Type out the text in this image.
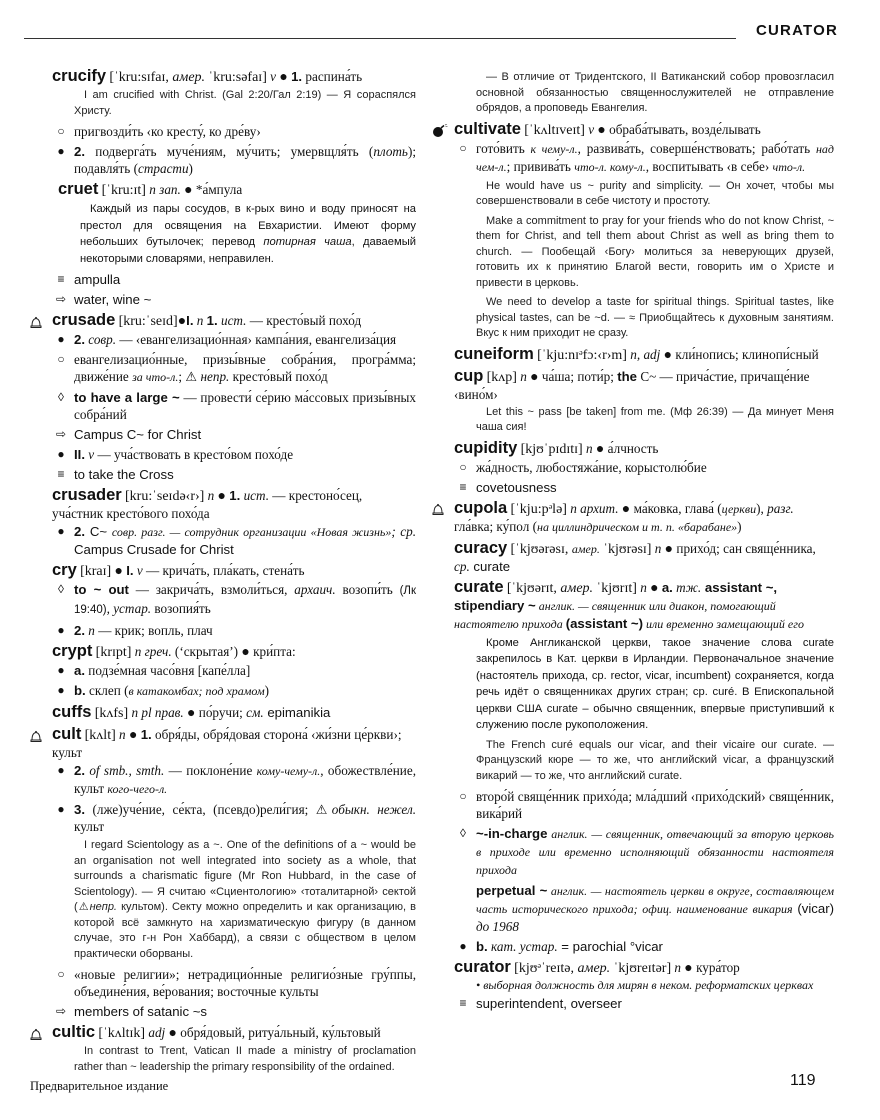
CURATOR
crucify [ˈkru:sɪfaɪ, амер. ˈkru:səfaɪ] v ● 1. распина́ть
I am crucified with Christ. (Gal 2:20/Гал 2:19) — Я сораспялся Христу.
○ пригвозди́ть ‹ко кресту́, ко дре́ву›
● 2. подверга́ть муче́ниям, му́чить; умервщля́ть (плоть); подавля́ть (страсти)
cruet [ˈkru:ɪt] n зап. ● *а́мпула
Каждый из пары сосудов, в к-рых вино и воду приносят на престол для освящения на Евхаристии. Имеют форму небольших бутылочек; перевод потирная чаша, даваемый некоторыми словарями, неправилен.
≡ ampulla
⇨ water, wine ~
crusade [kru:ˈseɪd]●I. n 1. ист. — кресто́вый похо́д
● 2. совр. — ‹евангелизацио́нная› кампа́ния, евангелиза́ция
○ евангелизацио́нные, призы́вные собра́ния, програ́мма; движе́ние за что-л.; ⚠ непр. кресто́вый похо́д
◊ to have a large ~ — провести́ се́рию ма́ссовых призы́вных собра́ний
⇨ Campus C~ for Christ
● II. v — уча́ствовать в кресто́вом похо́де
≡ to take the Cross
crusader [kru:ˈseɪdə‹r›] n ● 1. ист. — крестоно́сец, уча́стник кресто́вого похо́да
● 2. C~ совр. разг. — сотрудник организации «Новая жизнь»; ср. Campus Crusade for Christ
cry [kraɪ] ● I. v — крича́ть, пла́кать, стена́ть
◊ to ~ out — закрича́ть, взмоли́ться, архаич. возопи́ть (Лк 19:40), устар. возопия́ть
● 2. n — крик; вопль, плач
crypt [krɪpt] n греч. (‘скрытая’) ● кри́пта:
● a. подзе́мная часо́вня [капе́лла]
● b. склеп (в катакомбах; под храмом)
cuffs [kʌfs] n pl прав. ● по́ручи; см. epimanikia
cult [kʌlt] n ● 1. обря́ды, обря́довая сторона́ ‹жи́зни це́ркви›; культ
● 2. of smb., smth. — поклоне́ние кому-чему-л., обожествле́ние, культ кого-чего-л.
● 3. (лже)уче́ние, се́кта, (псевдо)рели́гия; ⚠обыкн. нежел. культ
I regard Scientology as a ~. One of the definitions of a ~ would be an organisation not well integrated into society as a whole, that surrounds a charismatic figure (Mr Ron Hubbard, in the case of Scientology). — Я считаю «Сциентологию» ‹тоталитарной› сектой (⚠непр. культом). Секту можно определить и как организацию, в которой всё замкнуто на харизматическую фигуру (в данном случае, это г-н Рон Хаббард), а связи с обществом в целом практически оборваны.
○ «новые религии»; нетрадицио́нные религио́зные гру́ппы, объедине́ния, ве́рования; восточные культы
⇨ members of satanic ~s
cultic [ˈkʌltɪk] adj ● обря́довый, ритуа́льный, ку́льтовый
In contrast to Trent, Vatican II made a ministry of proclamation rather than ~ leadership the primary responsibility of the ordained.
— В отличие от Тридентского, II Ватиканский собор провозгласил основной обязанностью священнослужителей не отправление обрядов, а проповедь Евангелия.
cultivate [ˈkʌltɪveɪt] v ● обраба́тывать, возде́лывать
○ гото́вить к чему-л., развива́ть, соверше́нствовать; рабо́тать над чем-л.; привива́ть что-л. кому-л., воспитывать ‹в себе› что-л.
He would have us ~ purity and simplicity. — Он хочет, чтобы мы совершенствовали в себе чистоту и простоту.
Make a commitment to pray for your friends who do not know Christ, ~ them for Christ, and tell them about Christ as well as bring them to church. — Пообещай ‹Богу› молиться за неверующих друзей, готовить их к принятию Благой вести, говорить им о Христе и привести в церковь.
We need to develop a taste for spiritual things. Spiritual tastes, like physical tastes, can be ~d. — ≈ Приобщайтесь к духовным занятиям. Вкус к ним приходит не сразу.
cuneiform [ˈkju:nɪᵊfɔ:‹r›m] n, adj ● кли́нопись; клинопи́сный
cup [kʌp] n ● ча́ша; поти́р; the C~ — прича́стие, причаще́ние ‹вино́м›
Let this ~ pass [be taken] from me. (Мф 26:39) — Да минует Меня чаша сия!
cupidity [kjʊˈpɪdɪtɪ] n ● а́лчность
○ жа́дность, любостяжа́ние, корыстолю́бие
≡ covetousness
cupola [ˈkju:pᵊlə] n архит. ● ма́ковка, глава́ (церкви), разг. гла́вка; ку́пол (на циллиндрическом и т. п. «барабане»)
curacy [ˈkjʊərəsɪ, амер. ˈkjʊrəsɪ] n ● прихо́д; сан свяще́нника, ср. curate
curate [ˈkjʊərɪt, амер. ˈkjʊrɪt] n ● a. тж. assistant ~, stipendiary ~ англик. — священник или диакон, помогающий настоятелю прихода (assistant ~) или временно замещающий его
Кроме Англиканской церкви, такое значение слова curate закрепилось в Кат. церкви в Ирландии. Первоначальное значение (настоятель прихода, ср. rector, vicar, incumbent) сохраняется, когда речь идёт о священниках других стран; ср. curé. В Епископальной церкви США curate – обычно священник, впервые приступивший к служению после рукоположения.
The French curé equals our vicar, and their vicaire our curate. — Французский кюре — то же, что английский vicar, а французский викарий — то же, что английский curate.
○ второ́й свяще́нник прихо́да; мла́дший ‹прихо́дский› свяще́нник, вика́рий
◊ ~-in-charge англик. — священник, отвечающий за вторую церковь в приходе или временно исполняющий обязанности настоятеля прихода
perpetual ~ англик. — настоятель церкви в округе, составляющем часть исторического прихода; офиц. наименование викария (vicar) до 1968
● b. кат. устар. = parochial °vicar
curator [kjʊᵊˈreɪtə, амер. ˈkjʊreɪtər] n ● кура́тор
• выборная должность для мирян в неком. реформатских церквах
≡ superintendent, overseer
Предварительное издание	119
